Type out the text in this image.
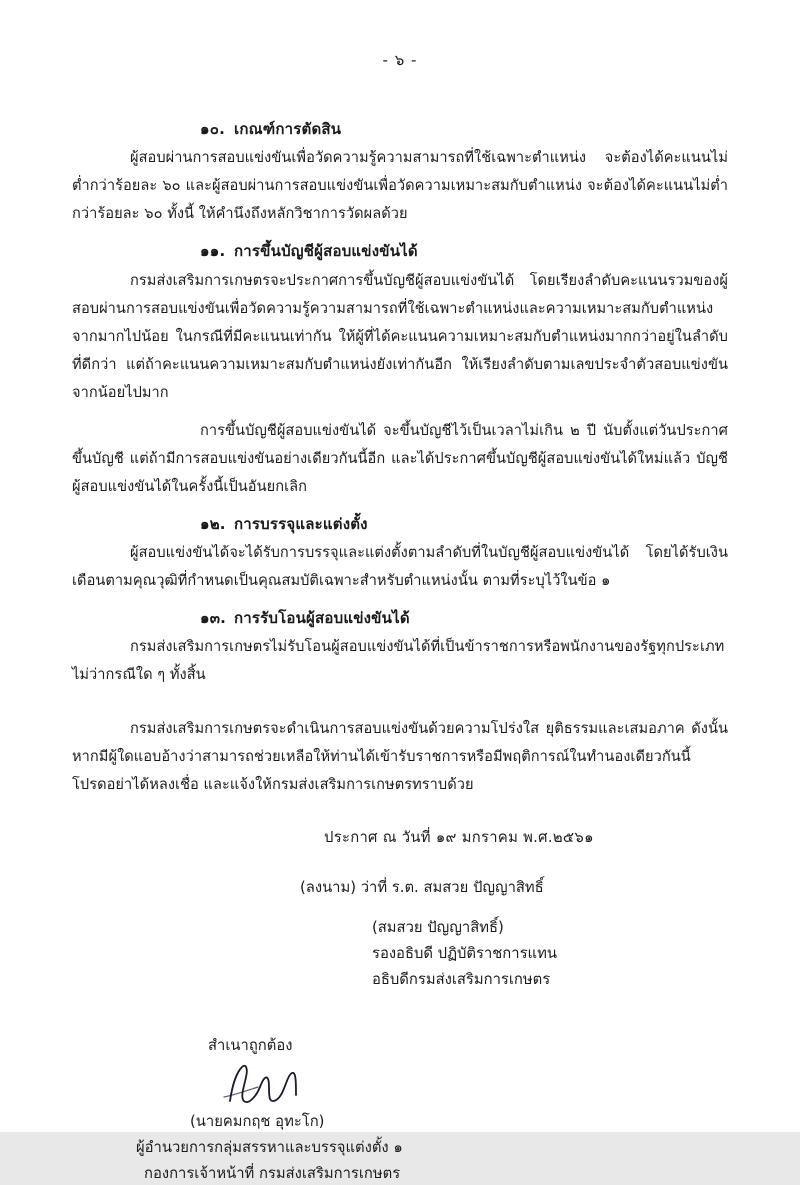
- ๖ -

๑๐. เกณฑ์การตัดสิน

ผู้สอบผ่านการสอบแข่งขันเพื่อวัดความรู้ความสามารถที่ใช้เฉพาะตำแหน่ง จะต้องได้คะแนนไม่ต่ำกว่าร้อยละ ๖๐ และผู้สอบผ่านการสอบแข่งขันเพื่อวัดความเหมาะสมกับตำแหน่ง จะต้องได้คะแนนไม่ต่ำกว่าร้อยละ ๖๐ ทั้งนี้ ให้คำนึงถึงหลักวิชาการวัดผลด้วย

๑๑. การขึ้นบัญชีผู้สอบแข่งขันได้

กรมส่งเสริมการเกษตรจะประกาศการขึ้นบัญชีผู้สอบแข่งขันได้ โดยเรียงลำดับคะแนนรวมของผู้สอบผ่านการสอบแข่งขันเพื่อวัดความรู้ความสามารถที่ใช้เฉพาะตำแหน่งและความเหมาะสมกับตำแหน่งจากมากไปน้อย ในกรณีที่มีคะแนนเท่ากัน ให้ผู้ที่ได้คะแนนความเหมาะสมกับตำแหน่งมากกว่าอยู่ในลำดับที่ดีกว่า แต่ถ้าคะแนนความเหมาะสมกับตำแหน่งยังเท่ากันอีก ให้เรียงลำดับตามเลขประจำตัวสอบแข่งขันจากน้อยไปมาก

การขึ้นบัญชีผู้สอบแข่งขันได้ จะขึ้นบัญชีไว้เป็นเวลาไม่เกิน ๒ ปี นับตั้งแต่วันประกาศขึ้นบัญชี แต่ถ้ามีการสอบแข่งขันอย่างเดียวกันนี้อีก และได้ประกาศขึ้นบัญชีผู้สอบแข่งขันได้ใหม่แล้ว บัญชีผู้สอบแข่งขันได้ในครั้งนี้เป็นอันยกเลิก

๑๒. การบรรจุและแต่งตั้ง

ผู้สอบแข่งขันได้จะได้รับการบรรจุและแต่งตั้งตามลำดับที่ในบัญชีผู้สอบแข่งขันได้ โดยได้รับเงินเดือนตามคุณวุฒิที่กำหนดเป็นคุณสมบัติเฉพาะสำหรับตำแหน่งนั้น ตามที่ระบุไว้ในข้อ ๑

๑๓. การรับโอนผู้สอบแข่งขันได้

กรมส่งเสริมการเกษตรไม่รับโอนผู้สอบแข่งขันได้ที่เป็นข้าราชการหรือพนักงานของรัฐทุกประเภทไม่ว่ากรณีใด ๆ ทั้งสิ้น

กรมส่งเสริมการเกษตรจะดำเนินการสอบแข่งขันด้วยความโปร่งใส ยุติธรรมและเสมอภาค ดังนั้น หากมีผู้ใดแอบอ้างว่าสามารถช่วยเหลือให้ท่านได้เข้ารับราชการหรือมีพฤติการณ์ในทำนองเดียวกันนี้ โปรดอย่าได้หลงเชื่อ และแจ้งให้กรมส่งเสริมการเกษตรทราบด้วย

ประกาศ ณ วันที่ ๑๙ มกราคม พ.ศ.๒๕๖๑

(ลงนาม) ว่าที่ ร.ต. สมสวย ปัญญาสิทธิ์

(สมสวย ปัญญาสิทธิ์)

รองอธิบดี ปฏิบัติราชการแทน

อธิบดีกรมส่งเสริมการเกษตร

สำเนาถูกต้อง

(นายคมกฤช อุทะโก)

ผู้อำนวยการกลุ่มสรรหาและบรรจุแต่งตั้ง ๑

กองการเจ้าหน้าที่ กรมส่งเสริมการเกษตร
